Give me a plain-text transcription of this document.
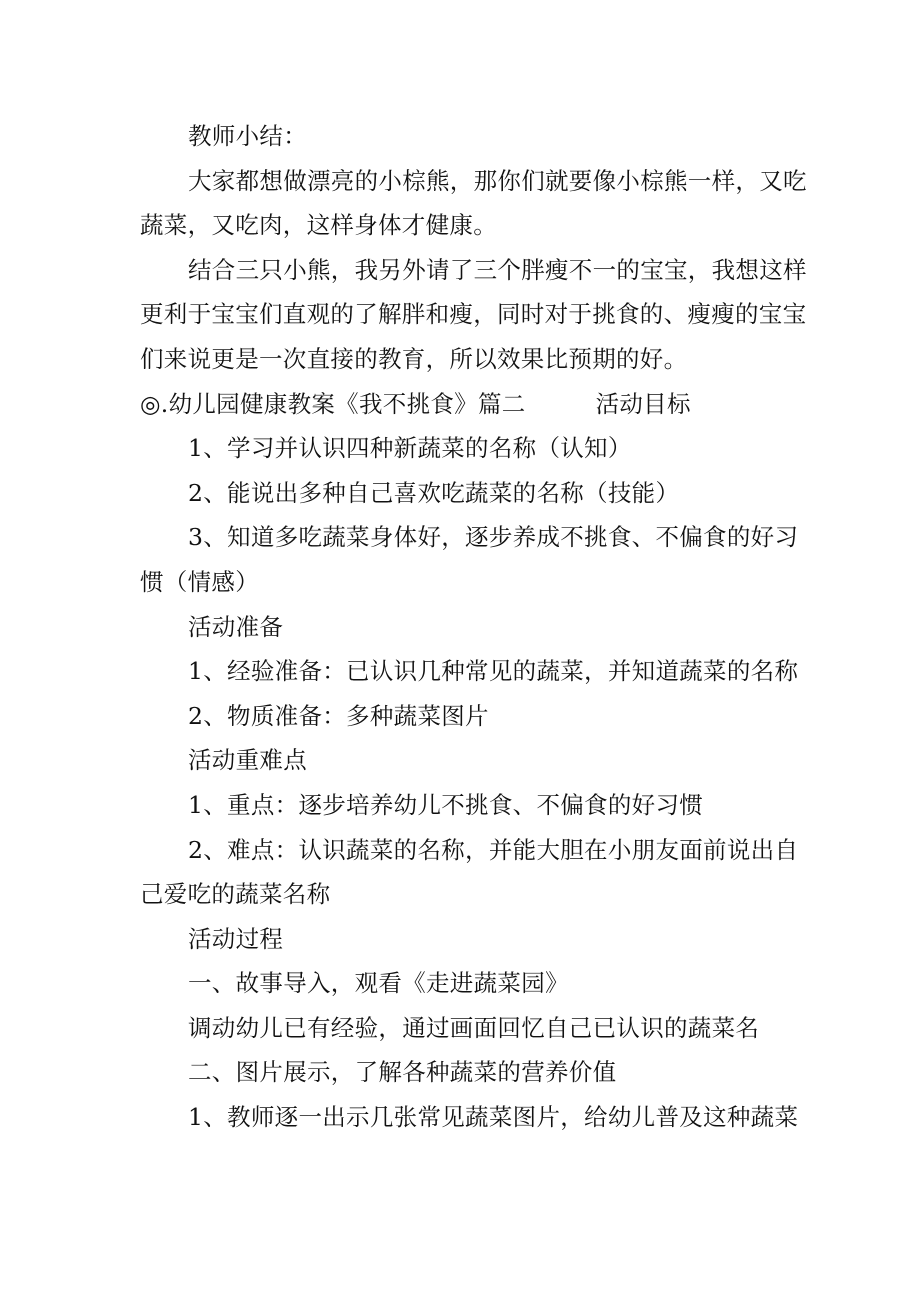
教师小结：
大家都想做漂亮的小棕熊，那你们就要像小棕熊一样，又吃
蔬菜，又吃肉，这样身体才健康。
结合三只小熊，我另外请了三个胖瘦不一的宝宝，我想这样
更利于宝宝们直观的了解胖和瘦，同时对于挑食的、瘦瘦的宝宝
们来说更是一次直接的教育，所以效果比预期的好。
◎.幼儿园健康教案《我不挑食》篇二	活动目标
1、学习并认识四种新蔬菜的名称（认知）
2、能说出多种自己喜欢吃蔬菜的名称（技能）
3、知道多吃蔬菜身体好，逐步养成不挑食、不偏食的好习
惯（情感）
活动准备
1、经验准备：已认识几种常见的蔬菜，并知道蔬菜的名称
2、物质准备：多种蔬菜图片
活动重难点
1、重点：逐步培养幼儿不挑食、不偏食的好习惯
2、难点：认识蔬菜的名称，并能大胆在小朋友面前说出自
己爱吃的蔬菜名称
活动过程
一、故事导入，观看《走进蔬菜园》
调动幼儿已有经验，通过画面回忆自己已认识的蔬菜名
二、图片展示，了解各种蔬菜的营养价值
1、教师逐一出示几张常见蔬菜图片，给幼儿普及这种蔬菜
